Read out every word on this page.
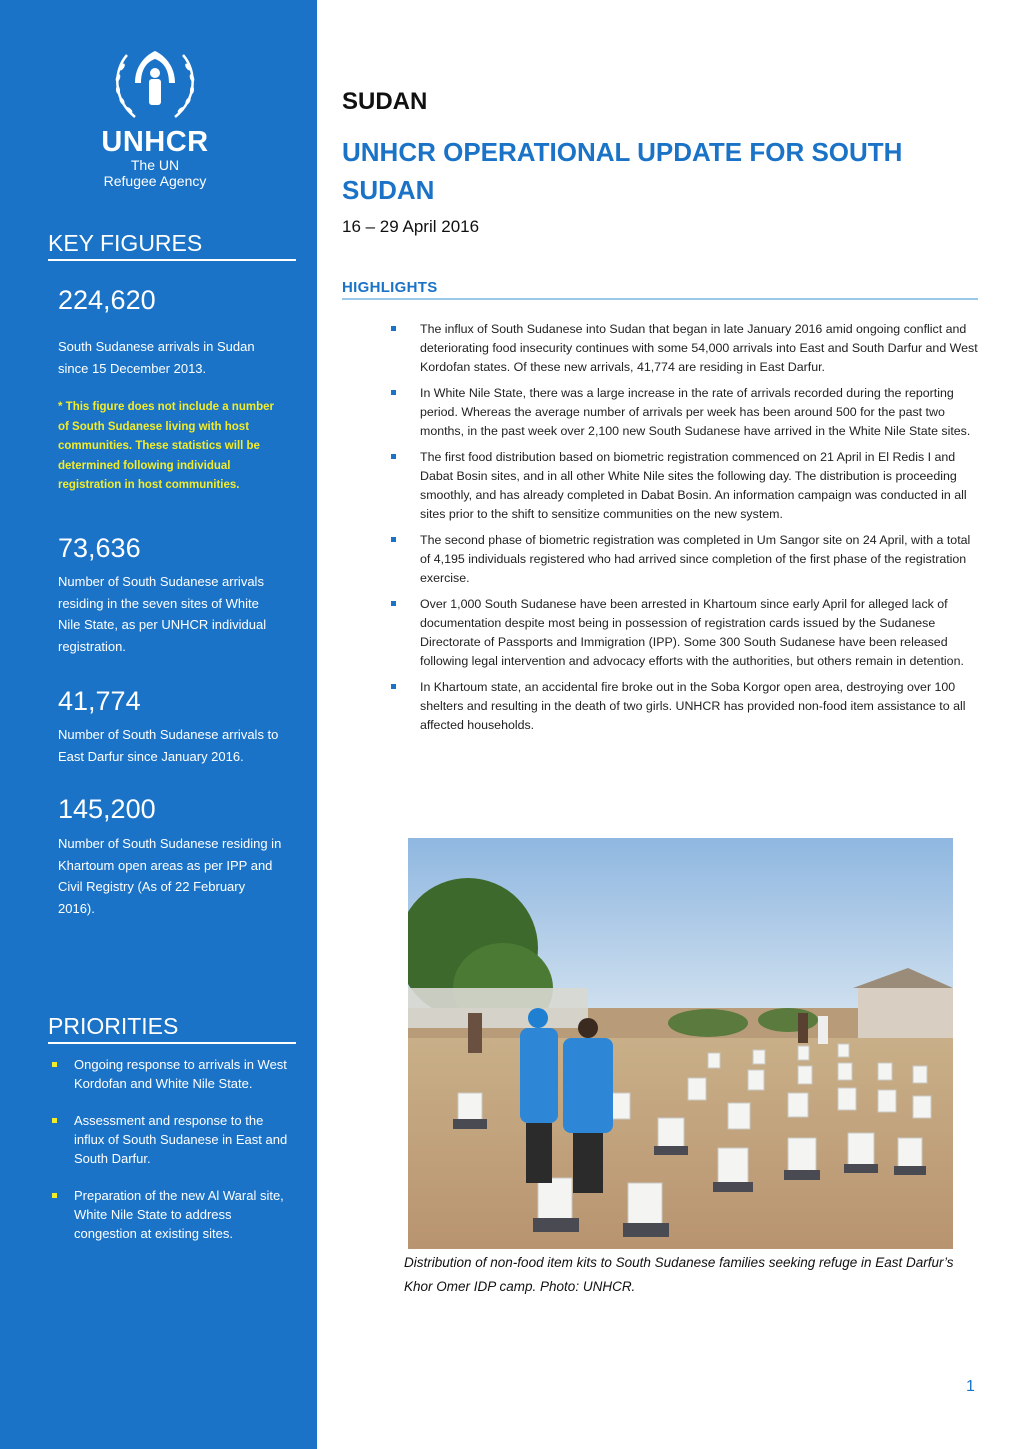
UNHCR
The UN
Refugee Agency
KEY FIGURES
224,620
South Sudanese arrivals in Sudan since 15 December 2013.
* This figure does not include a number of South Sudanese living with host communities. These statistics will be determined following individual registration in host communities.
73,636
Number of South Sudanese arrivals residing in the seven sites of White Nile State, as per UNHCR individual registration.
41,774
Number of South Sudanese arrivals to East Darfur since January 2016.
145,200
Number of South Sudanese residing in Khartoum open areas as per IPP and Civil Registry (As of 22 February 2016).
PRIORITIES
Ongoing response to arrivals in West Kordofan and White Nile State.
Assessment and response to the influx of South Sudanese in East and South Darfur.
Preparation of the new Al Waral site, White Nile State to address congestion at existing sites.
SUDAN
UNHCR OPERATIONAL UPDATE FOR SOUTH SUDAN
16 – 29 April 2016
HIGHLIGHTS
The influx of South Sudanese into Sudan that began in late January 2016 amid ongoing conflict and deteriorating food insecurity continues with some 54,000 arrivals into East and South Darfur and West Kordofan states. Of these new arrivals, 41,774 are residing in East Darfur.
In White Nile State, there was a large increase in the rate of arrivals recorded during the reporting period. Whereas the average number of arrivals per week has been around 500 for the past two months, in the past week over 2,100 new South Sudanese have arrived in the White Nile State sites.
The first food distribution based on biometric registration commenced on 21 April in El Redis I and Dabat Bosin sites, and in all other White Nile sites the following day. The distribution is proceeding smoothly, and has already completed in Dabat Bosin. An information campaign was conducted in all sites prior to the shift to sensitize communities on the new system.
The second phase of biometric registration was completed in Um Sangor site on 24 April, with a total of 4,195 individuals registered who had arrived since completion of the first phase of the registration exercise.
Over 1,000 South Sudanese have been arrested in Khartoum since early April for alleged lack of documentation despite most being in possession of registration cards issued by the Sudanese Directorate of Passports and Immigration (IPP). Some 300 South Sudanese have been released following legal intervention and advocacy efforts with the authorities, but others remain in detention.
In Khartoum state, an accidental fire broke out in the Soba Korgor open area, destroying over 100 shelters and resulting in the death of two girls. UNHCR has provided non-food item assistance to all affected households.
Distribution of non-food item kits to South Sudanese families seeking refuge in East Darfur’s Khor Omer IDP camp. Photo: UNHCR.
1
